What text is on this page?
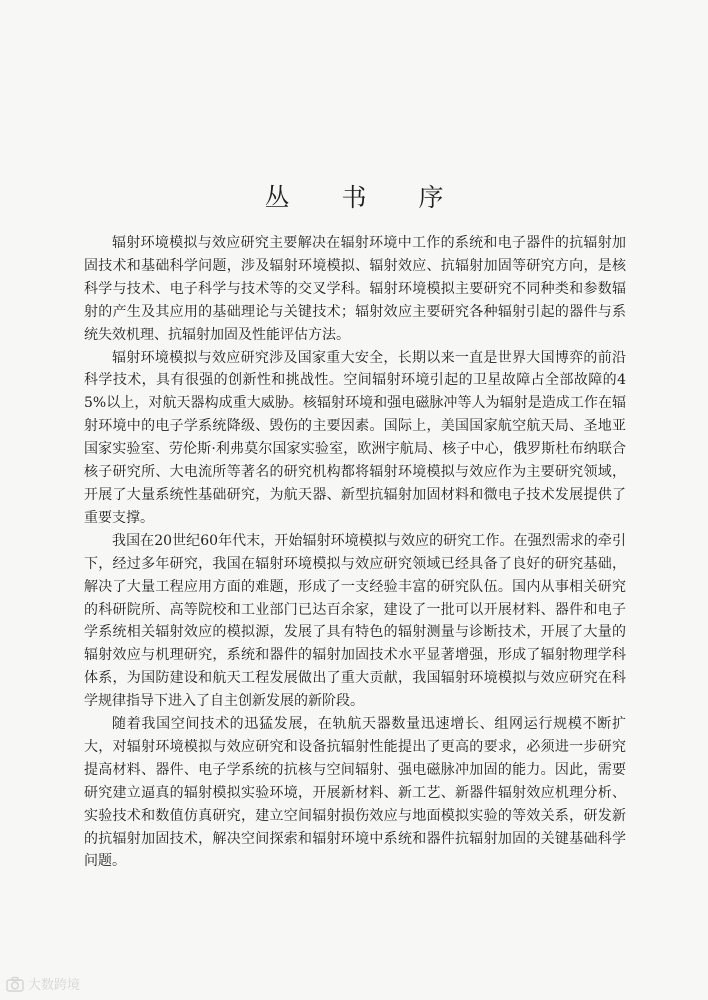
丛 书 序

辐射环境模拟与效应研究主要解决在辐射环境中工作的系统和电子器件的抗辐射加固技术和基础科学问题，涉及辐射环境模拟、辐射效应、抗辐射加固等研究方向，是核科学与技术、电子科学与技术等的交叉学科。辐射环境模拟主要研究不同种类和参数辐射的产生及其应用的基础理论与关键技术；辐射效应主要研究各种辐射引起的器件与系统失效机理、抗辐射加固及性能评估方法。

辐射环境模拟与效应研究涉及国家重大安全，长期以来一直是世界大国博弈的前沿科学技术，具有很强的创新性和挑战性。空间辐射环境引起的卫星故障占全部故障的45%以上，对航天器构成重大威胁。核辐射环境和强电磁脉冲等人为辐射是造成工作在辐射环境中的电子学系统降级、毁伤的主要因素。国际上，美国国家航空航天局、圣地亚国家实验室、劳伦斯·利弗莫尔国家实验室，欧洲宇航局、核子中心，俄罗斯杜布纳联合核子研究所、大电流所等著名的研究机构都将辐射环境模拟与效应作为主要研究领域，开展了大量系统性基础研究，为航天器、新型抗辐射加固材料和微电子技术发展提供了重要支撑。

我国在20世纪60年代末，开始辐射环境模拟与效应的研究工作。在强烈需求的牵引下，经过多年研究，我国在辐射环境模拟与效应研究领域已经具备了良好的研究基础，解决了大量工程应用方面的难题，形成了一支经验丰富的研究队伍。国内从事相关研究的科研院所、高等院校和工业部门已达百余家，建设了一批可以开展材料、器件和电子学系统相关辐射效应的模拟源，发展了具有特色的辐射测量与诊断技术，开展了大量的辐射效应与机理研究，系统和器件的辐射加固技术水平显著增强，形成了辐射物理学科体系，为国防建设和航天工程发展做出了重大贡献，我国辐射环境模拟与效应研究在科学规律指导下进入了自主创新发展的新阶段。

随着我国空间技术的迅猛发展，在轨航天器数量迅速增长、组网运行规模不断扩大，对辐射环境模拟与效应研究和设备抗辐射性能提出了更高的要求，必须进一步研究提高材料、器件、电子学系统的抗核与空间辐射、强电磁脉冲加固的能力。因此，需要研究建立逼真的辐射模拟实验环境，开展新材料、新工艺、新器件辐射效应机理分析、实验技术和数值仿真研究，建立空间辐射损伤效应与地面模拟实验的等效关系，研发新的抗辐射加固技术，解决空间探索和辐射环境中系统和器件抗辐射加固的关键基础科学问题。

大数跨境
